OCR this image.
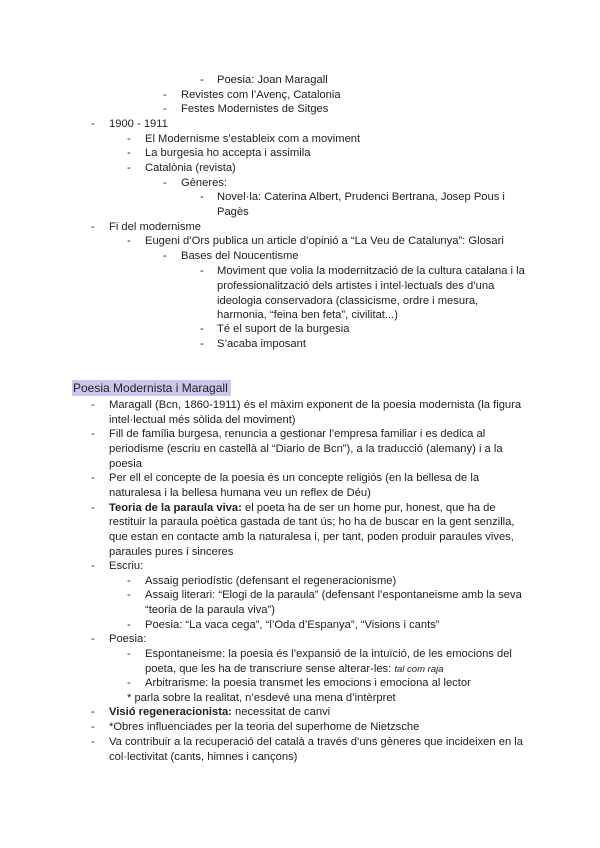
- Poesia: Joan Maragall
- Revistes com l’Avenç, Catalonia
- Festes Modernistes de Sitges
- 1900 - 1911
- El Modernisme s’estableix com a moviment
- La burgesia ho accepta i assimila
- Catalònia (revista)
- Gèneres:
- Novel·la: Caterina Albert, Prudenci Bertrana, Josep Pous i
Pagès
- Fi del modernisme
- Eugeni d’Ors publica un article d’opinió a “La Veu de Catalunya”: Glosari
- Bases del Noucentisme
- Moviment que volia la modernització de la cultura catalana i la
professionalització dels artistes i intel·lectuals des d’una
ideologia conservadora (classicisme, ordre i mesura,
harmonia, “feina ben feta”, civilitat...)
- Té el suport de la burgesia
- S’acaba imposant
Poesia Modernista i Maragall
- Maragall (Bcn, 1860-1911) és el màxim exponent de la poesia modernista (la figura
intel·lectual més sòlida del moviment)
- Fill de família burgesa, renuncia a gestionar l’empresa familiar i es dedica al
periodisme (escriu en castellà al “Diario de Bcn”), a la traducció (alemany) i a la
poesia
- Per ell el concepte de la poesia és un concepte religiós (en la bellesa de la
naturalesa i la bellesa humana veu un reflex de Déu)
- Teoria de la paraula viva: el poeta ha de ser un home pur, honest, que ha de
restituir la paraula poètica gastada de tant ús; ho ha de buscar en la gent senzilla,
que estan en contacte amb la naturalesa i, per tant, poden produir paraules vives,
paraules pures i sinceres
- Escriu:
- Assaig periodístic (defensant el regeneracionisme)
- Assaig literari: “Elogi de la paraula” (defensant l’espontaneisme amb la seva
“teoria de la paraula viva”)
- Poesia: “La vaca cega”, “l’Oda d’Espanya”, “Visions i cants”
- Poesia:
- Espontaneisme: la poesia és l’expansió de la intuïció, de les emocions del
poeta, que les ha de transcriure sense alterar-les: tal com raja
- Arbitrarisme: la poesia transmet les emocions i emociona al lector
* parla sobre la realitat, n’esdevé una mena d’intèrpret
- Visió regeneracionista: necessitat de canvi
- *Obres influenciades per la teoria del superhome de Nietzsche
- Va contribuir a la recuperació del català a través d’uns gèneres que incideixen en la
col·lectivitat (cants, himnes i cançons)
